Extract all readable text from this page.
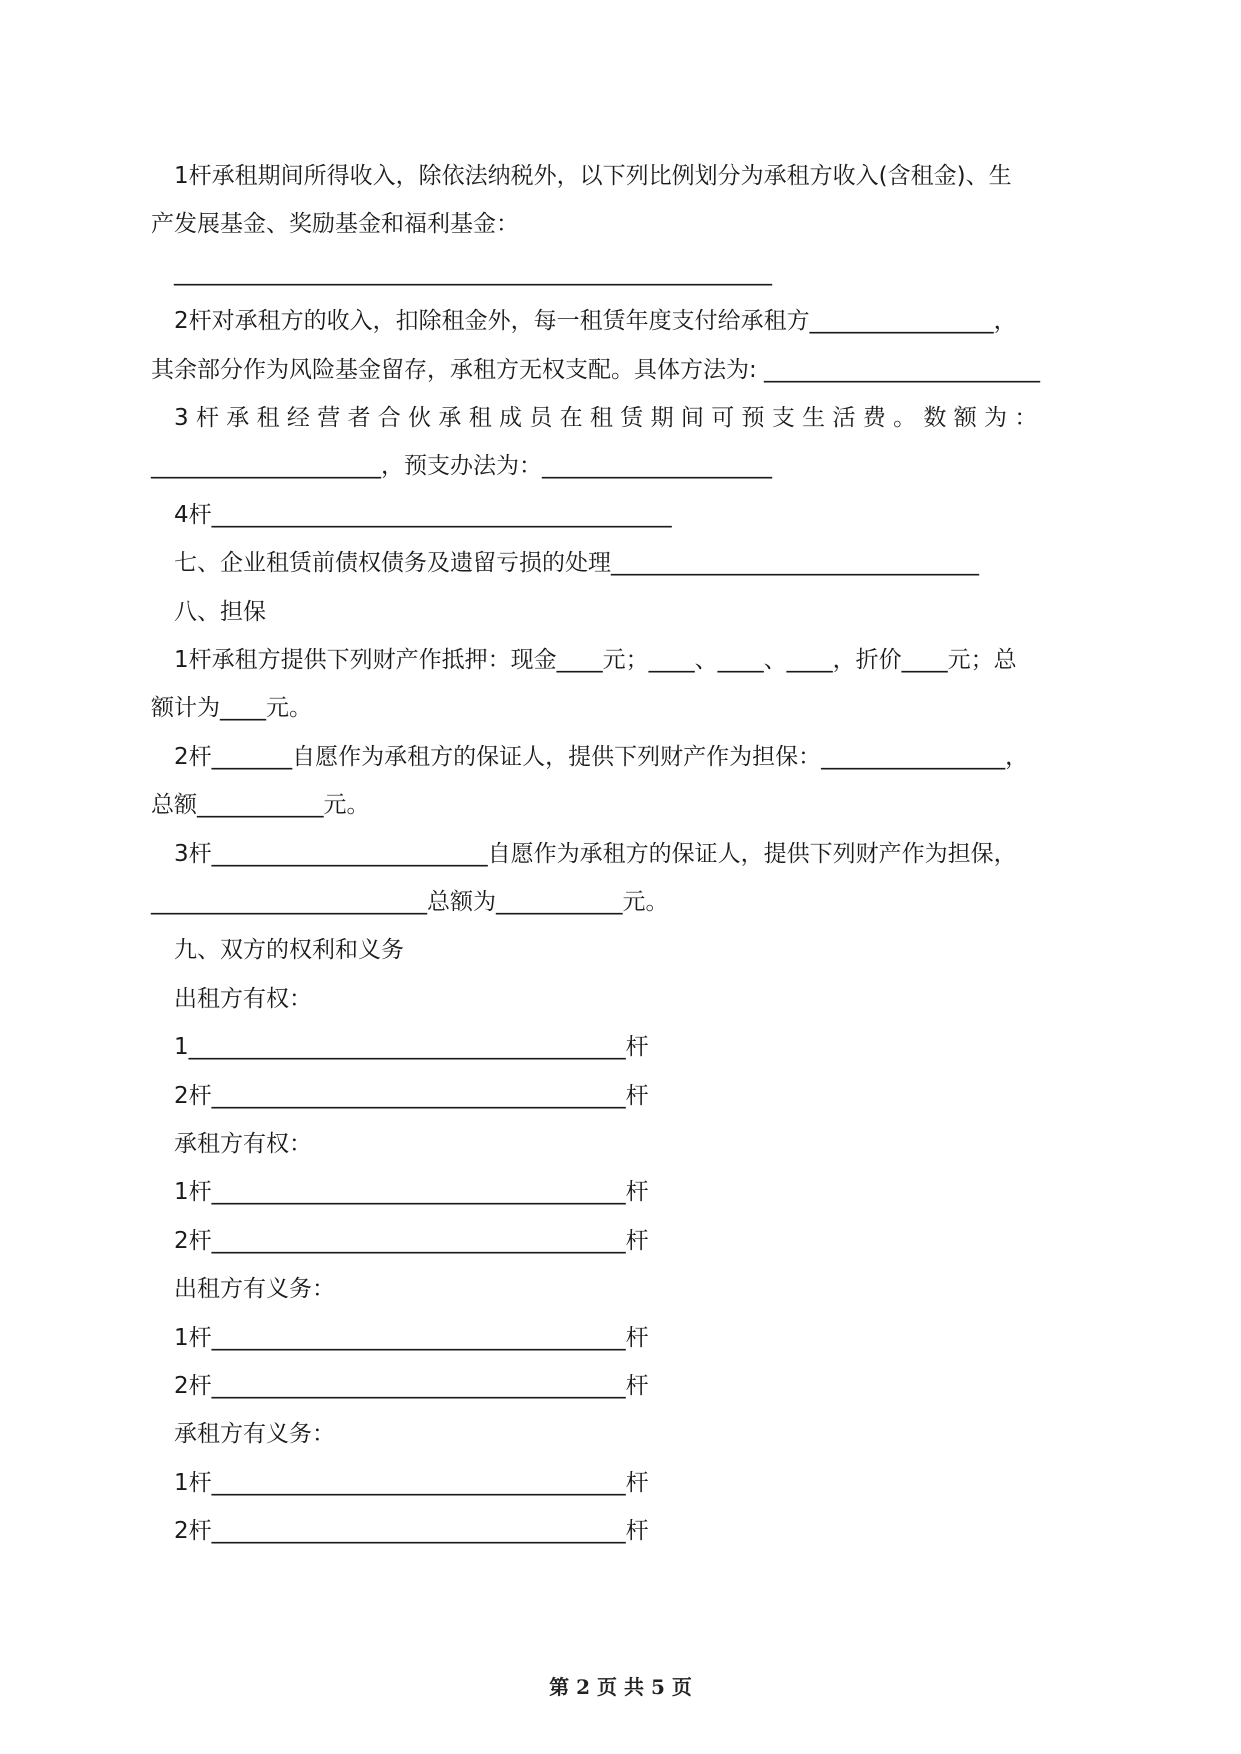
1杆承租期间所得收入，除依法纳税外，以下列比例划分为承租方收入(含租金)、生
产发展基金、奖励基金和福利基金：
____________________________________________________
2杆对承租方的收入，扣除租金外，每一租赁年度支付给承租方________________，
其余部分作为风险基金留存，承租方无权支配。具体方法为: ________________________
3 杆 承 租 经 营 者 合 伙 承 租 成 员 在 租 赁 期 间 可 预 支 生 活 费 。 数 额 为 ：
____________________，预支办法为：____________________
4杆________________________________________
七、企业租赁前债权债务及遗留亏损的处理________________________________
八、担保
1杆承租方提供下列财产作抵押：现金____元；____、____、____，折价____元；总
额计为____元。
2杆_______自愿作为承租方的保证人，提供下列财产作为担保：________________，
总额___________元。
3杆________________________自愿作为承租方的保证人，提供下列财产作为担保，
________________________总额为___________元。
九、双方的权利和义务
出租方有权：
1______________________________________杆
2杆____________________________________杆
承租方有权：
1杆____________________________________杆
2杆____________________________________杆
出租方有义务：
1杆____________________________________杆
2杆____________________________________杆
承租方有义务：
1杆____________________________________杆
2杆____________________________________杆
第 2 页 共 5 页
